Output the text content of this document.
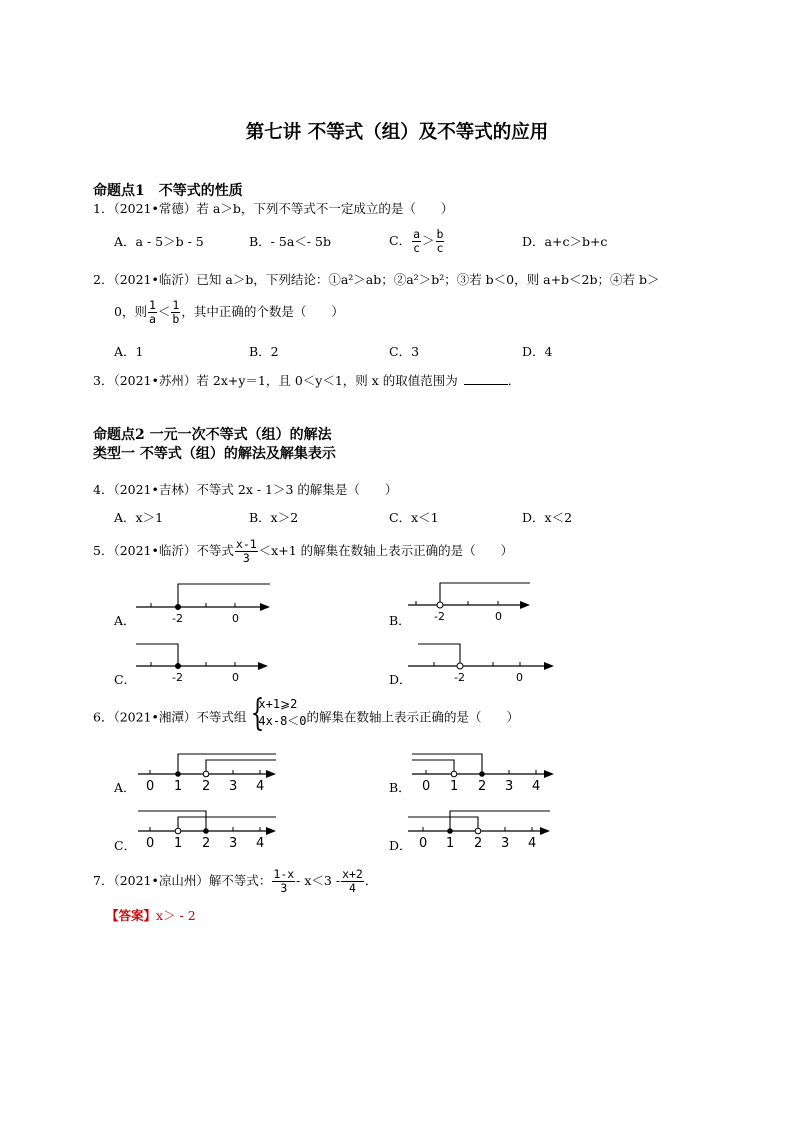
第七讲 不等式（组）及不等式的应用
命题点1　不等式的性质
1．（2021•常德）若 a＞b，下列不等式不一定成立的是（　　）
A．a - 5＞b - 5	B．- 5a＜- 5b	C． $\frac{a}{c} > \frac{b}{c}$	D．a+c＞b+c
2．（2021•临沂）已知 a＞b，下列结论：①a²＞ab；②a²＞b²；③若 b＜0，则 a+b＜2b；④若 b＞
0，则 $\frac{1}{a} < \frac{1}{b}$ ，其中正确的个数是（　　）
A．1	B．2	C．3	D．4
3．（2021•苏州）若 2x+y＝1，且 0＜y＜1，则 x 的取值范围为	．
命题点2 一元一次不等式（组）的解法
类型一 不等式（组）的解法及解集表示
4．（2021•吉林）不等式 2x - 1＞3 的解集是（　　）
A．x＞1	B．x＞2	C．x＜1	D．x＜2
5．（2021•临沂）不等式 $\frac{x-1}{3} <x+1$ 的解集在数轴上表示正确的是（　　）
A．	B．
C．	D．
-2	0	-2	0
-2	0	-2	0
6．（2021•湘潭）不等式组 {
x+1⩾2
4x-8＜0 的解集在数轴上表示正确的是（　　）
A．	B．
C．	D．
0 1 2 3 4	0 1 2 3 4
0 1 2 3 4	0 1 2 3 4
7．（2021•凉山州）解不等式： $\frac{1-x}{3} - x<3 - \frac{x+2}{4}$ ．
【答案】x＞ - 2
